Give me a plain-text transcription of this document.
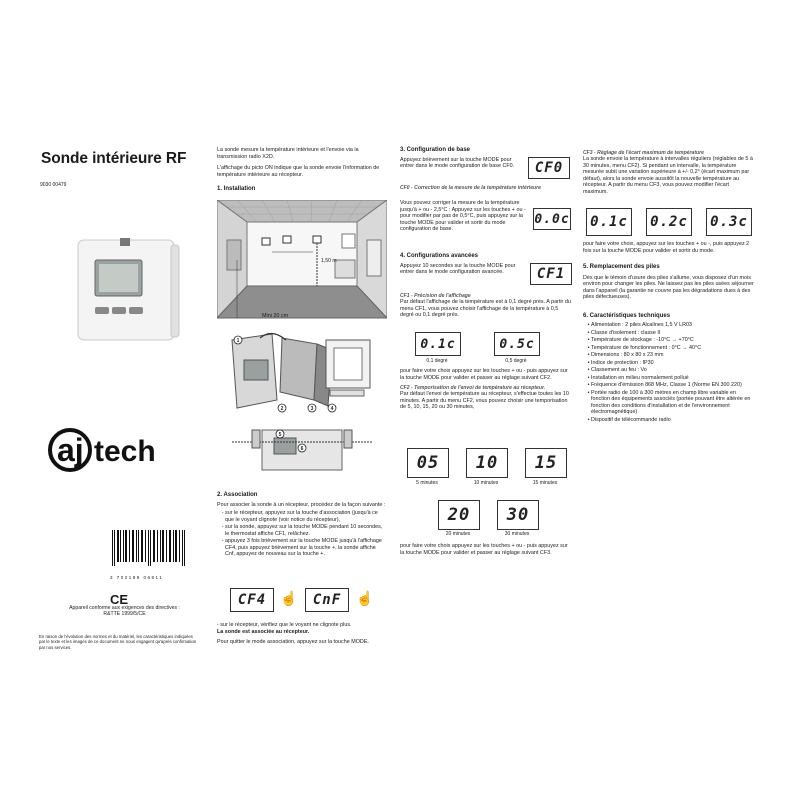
Sonde intérieure RF
9030 00479
aj tech
3 702189 06811
CE
Appareil conforme aux exigences des directives : R&TTE 1999/5/CE
En raison de l'évolution des normes et du matériel, les caractéristiques indiquées par le texte et les images de ce document ne nous engagent qu'après confirmation par nos services.

La sonde mesure la température intérieure et l'envoie via la transmission radio X2D.

L'affichage du picto ON indique que la sonde envoie l'information de température intérieure au récepteur.

1. Installation

1,50 m
Mini 20 cm
1
2	3	4
5
6

2. Association

Pour associer la sonde à un récepteur, procédez de la façon suivante :

- sur le récepteur, appuyez sur la touche d'association (jusqu'à ce que le voyant clignote (voir notice du récepteur),
- sur la sonde, appuyez sur la touche MODE pendant 10 secondes, le thermostat affiche CF1, relâchez.
- appuyez 3 fois brièvement sur la touche MODE jusqu'à l'affichage CF4, puis appuyez brièvement sur la touche +, la sonde affiche Cnf, appuyez de nouveau sur la touche +.
CF4 ☝	CnF	☝

- sur le récepteur, vérifiez que le voyant ne clignote plus.

La sonde est associée au récepteur.

Pour quitter le mode association, appuyez sur la touche MODE.

3. Configuration de base

Appuyez brièvement sur la touche MODE pour entrer dans le mode configuration de base CF0.	CF0

CF0 - Correction de la mesure de la température intérieure

Vous pouvez corriger la mesure de la température jusqu'à + ou - 2,5°C : Appuyez sur les touches + ou - pour modifier par pas de 0,5°C, puis appuyez sur la touche MODE pour valider et sortir du mode configuration de base.

0.0c

4. Configurations avancées

Appuyez 10 secondes sur la touche MODE pour entrer dans le mode configuration avancée.	CF1

CF1 - Précision de l'affichage

Par défaut l'affichage de la température est à 0,1 degré près. A partir du menu CF1, vous pouvez choisir l'affichage de la température à 0,5 degré ou 0,1 degré près.

0.1c
0,1 degré
0.5c
0,5 degré

pour faire votre choix appuyez sur les touches + ou - puis appuyez sur la touche MODE pour valider et passer au réglage suivant CF2.

CF2 - Temporisation de l'envoi de température au récepteur.

Par défaut l'envoi de température au récepteur, s'effectue toutes les 10 minutes. A partir du menu CF2, vous pouvez choisir une temporisation de 5, 10, 15, 20 ou 30 minutes,

05
5 minutes
10
10 minutes
15
15 minutes
20
20 minutes
30
30 minutes

pour faire votre choix appuyez sur les touches + ou - puis appuyez sur la touche MODE pour valider et passer au réglage suivant CF3.

CF3 - Réglage de l'écart maximum de température

La sonde envoie la température à intervalles réguliers (réglables de 5 à 30 minutes, menu CF2). Si pendant un intervalle, la température mesurée subit une variation supérieure à +/- 0,2° (écart maximum par défaut), alors la sonde envoie aussitôt la nouvelle température au récepteur. A partir du menu CF3, vous pouvez modifier l'écart maximum.

0.1c 0.2c 0.3c

pour faire votre choix, appuyez sur les touches + ou -, puis appuyez 2 fois sur la touche MODE pour valider et sortir du mode.

5. Remplacement des piles

Dès que le témoin d'usure des piles s'allume, vous disposez d'un mois environ pour changer les piles. Ne laissez pas les piles usées séjourner dans l'appareil (la garantie ne couvre pas les dégradations dues à des piles défectueuses).

6. Caractéristiques techniques

• Alimentation : 2 piles Alcalines 1,5 V LR03
• Classe d'isolement : classe II
• Température de stockage : -10°C → +70°C
• Température de fonctionnement : 0°C → 40°C
• Dimensions : 80 x 80 x 23 mm
• Indice de protection : IP30
• Classement au feu : Vo
• Installation en milieu normalement pollué
• Fréquence d'émission 868 MHz, Classe 1 (Norme EN 300 220)
• Portée radio de 100 à 300 mètres en champ libre variable en fonction des équipements associés (portée pouvant être altérée en fonction des conditions d'installation et de l'environnement électromagnétique)
• Dispositif de télécommande radio
